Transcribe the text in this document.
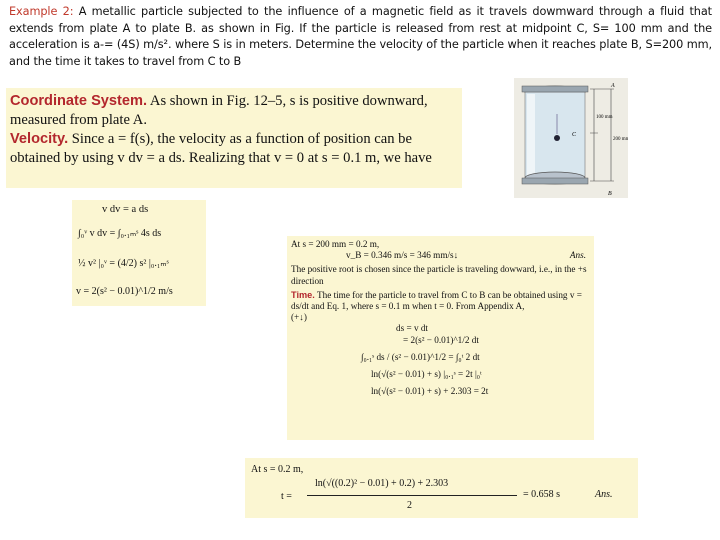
Example 2: A metallic particle subjected to the influence of a magnetic field as it travels dowmward through a fluid that extends from plate A to plate B. as shown in Fig. If the particle is released from rest at midpoint C, S= 100 mm and the acceleration is a-= (4S) m/s². where S is in meters. Determine the velocity of the particle when it reaches plate B, S=200 mm, and the time it takes to travel from C to B
Coordinate System. As shown in Fig. 12–5, s is positive downward, measured from plate A.
Velocity. Since a = f(s), the velocity as a function of position can be obtained by using v dv = a ds. Realizing that v = 0 at s = 0.1 m, we have
A
B
C
100 mm
200 mm
v dv = a ds
∫₀ᵛ v dv = ∫₀.₁ₘˢ 4s ds
½ v² |₀ᵛ = (4/2) s² |₀.₁ₘˢ
v = 2(s² − 0.01)^1/2 m/s
At s = 200 mm = 0.2 m,
v_B = 0.346 m/s = 346 mm/s↓	Ans.
The positive root is chosen since the particle is traveling dowward, i.e., in the +s direction
Time. The time for the particle to travel from C to B can be obtained using v = ds/dt and Eq. 1, where s = 0.1 m when t = 0. From Appendix A,
(+↓)
ds = v dt
= 2(s² − 0.01)^1/2 dt
∫₀.₁ˢ ds / (s² − 0.01)^1/2 = ∫₀ᵗ 2 dt
ln(√(s² − 0.01) + s) |₀.₁ˢ = 2t |₀ᵗ
ln(√(s² − 0.01) + s) + 2.303 = 2t
At s = 0.2 m,
ln(√((0.2)² − 0.01) + 0.2) + 2.303
t =
2
= 0.658 s	Ans.
